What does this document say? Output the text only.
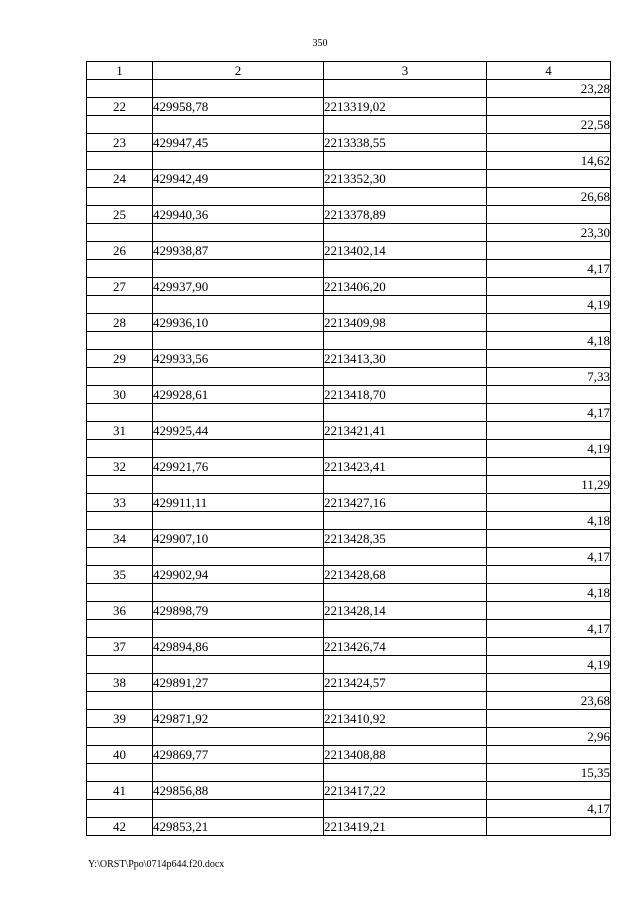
350
1	2	3	4
			23,28
22	429958,78	2213319,02	
			22,58
23	429947,45	2213338,55	
			14,62
24	429942,49	2213352,30	
			26,68
25	429940,36	2213378,89	
			23,30
26	429938,87	2213402,14	
			4,17
27	429937,90	2213406,20	
			4,19
28	429936,10	2213409,98	
			4,18
29	429933,56	2213413,30	
			7,33
30	429928,61	2213418,70	
			4,17
31	429925,44	2213421,41	
			4,19
32	429921,76	2213423,41	
			11,29
33	429911,11	2213427,16	
			4,18
34	429907,10	2213428,35	
			4,17
35	429902,94	2213428,68	
			4,18
36	429898,79	2213428,14	
			4,17
37	429894,86	2213426,74	
			4,19
38	429891,27	2213424,57	
			23,68
39	429871,92	2213410,92	
			2,96
40	429869,77	2213408,88	
			15,35
41	429856,88	2213417,22	
			4,17
42	429853,21	2213419,21	
Y:\ORST\Ppo\0714p644.f20.docx
